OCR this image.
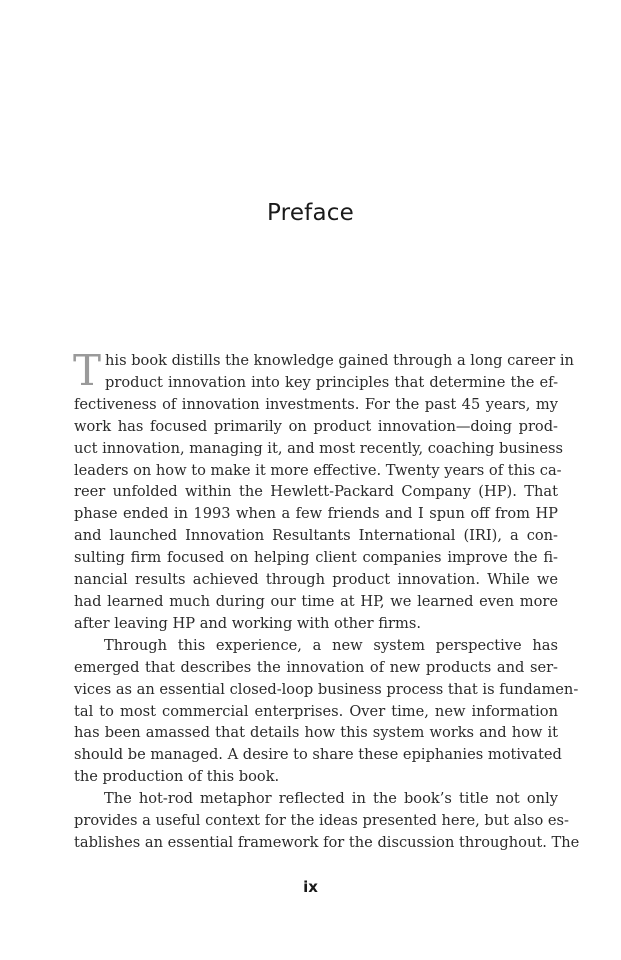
Preface
T his book distills the knowledge gained through a long career in
product innovation into key principles that determine the ef-
fectiveness of innovation investments. For the past 45 years, my
work has focused primarily on product innovation—doing prod-
uct innovation, managing it, and most recently, coaching business
leaders on how to make it more effective. Twenty years of this ca-
reer unfolded within the Hewlett-Packard Company (HP). That
phase ended in 1993 when a few friends and I spun off from HP
and launched Innovation Resultants International (IRI), a con-
sulting firm focused on helping client companies improve the fi-
nancial results achieved through product innovation. While we
had learned much during our time at HP, we learned even more
after leaving HP and working with other firms.
Through this experience, a new system perspective has
emerged that describes the innovation of new products and ser-
vices as an essential closed-loop business process that is fundamen-
tal to most commercial enterprises. Over time, new information
has been amassed that details how this system works and how it
should be managed. A desire to share these epiphanies motivated
the production of this book.
The hot-rod metaphor reflected in the book’s title not only
provides a useful context for the ideas presented here, but also es-
tablishes an essential framework for the discussion throughout. The
ix
